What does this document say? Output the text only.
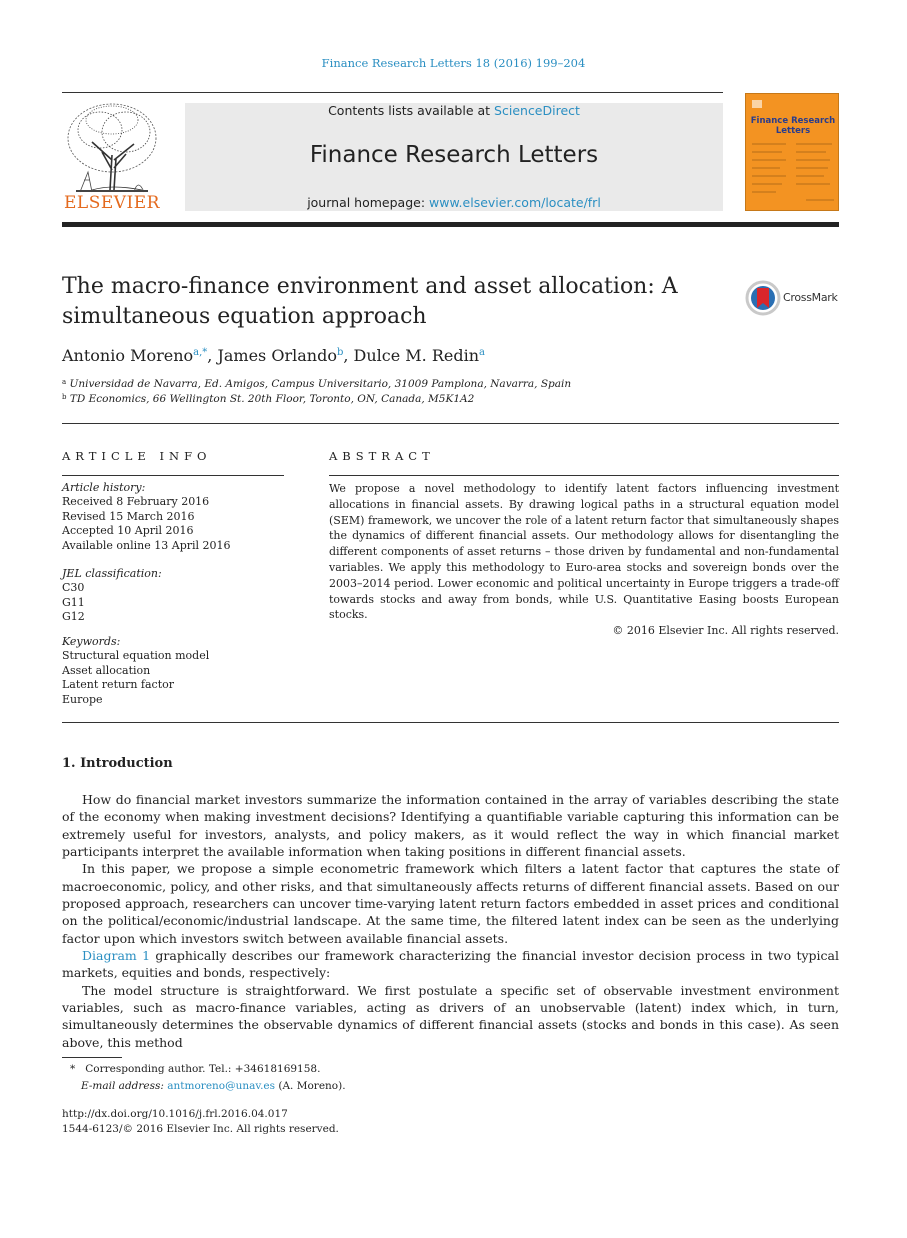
Finance Research Letters 18 (2016) 199–204
ELSEVIER
Contents lists available at ScienceDirect
Finance Research Letters
journal homepage: www.elsevier.com/locate/frl
Finance Research Letters
The macro-finance environment and asset allocation: A simultaneous equation approach
CrossMark
Antonio Moreno$^{a,*}$, James Orlando$^b$, Dulce M. Redin$^a$
$^a$ Universidad de Navarra, Ed. Amigos, Campus Universitario, 31009 Pamplona, Navarra, Spain
$^b$ TD Economics, 66 Wellington St. 20th Floor, Toronto, ON, Canada, M5K1A2
ARTICLE INFO
Article history:
Received 8 February 2016
Revised 15 March 2016
Accepted 10 April 2016
Available online 13 April 2016
JEL classification:
C30
G11
G12
Keywords:
Structural equation model
Asset allocation
Latent return factor
Europe
ABSTRACT
We propose a novel methodology to identify latent factors influencing investment allocations in financial assets. By drawing logical paths in a structural equation model (SEM) framework, we uncover the role of a latent return factor that simultaneously shapes the dynamics of different financial assets. Our methodology allows for disentangling the different components of asset returns – those driven by fundamental and non-fundamental variables. We apply this methodology to Euro-area stocks and sovereign bonds over the 2003–2014 period. Lower economic and political uncertainty in Europe triggers a trade-off towards stocks and away from bonds, while U.S. Quantitative Easing boosts European stocks.
© 2016 Elsevier Inc. All rights reserved.
1. Introduction

How do financial market investors summarize the information contained in the array of variables describing the state of the economy when making investment decisions? Identifying a quantifiable variable capturing this information can be extremely useful for investors, analysts, and policy makers, as it would reflect the way in which financial market participants interpret the available information when taking positions in different financial assets.

In this paper, we propose a simple econometric framework which filters a latent factor that captures the state of macroeconomic, policy, and other risks, and that simultaneously affects returns of different financial assets. Based on our proposed approach, researchers can uncover time-varying latent return factors embedded in asset prices and conditional on the political/economic/industrial landscape. At the same time, the filtered latent index can be seen as the underlying factor upon which investors switch between available financial assets.

Diagram 1 graphically describes our framework characterizing the financial investor decision process in two typical markets, equities and bonds, respectively:

The model structure is straightforward. We first postulate a specific set of observable investment environment variables, such as macro-finance variables, acting as drivers of an unobservable (latent) index which, in turn, simultaneously determines the observable dynamics of different financial assets (stocks and bonds in this case). As seen above, this method

* Corresponding author. Tel.: +34618169158.
E-mail address: antmoreno@unav.es (A. Moreno).
http://dx.doi.org/10.1016/j.frl.2016.04.017
1544-6123/© 2016 Elsevier Inc. All rights reserved.
